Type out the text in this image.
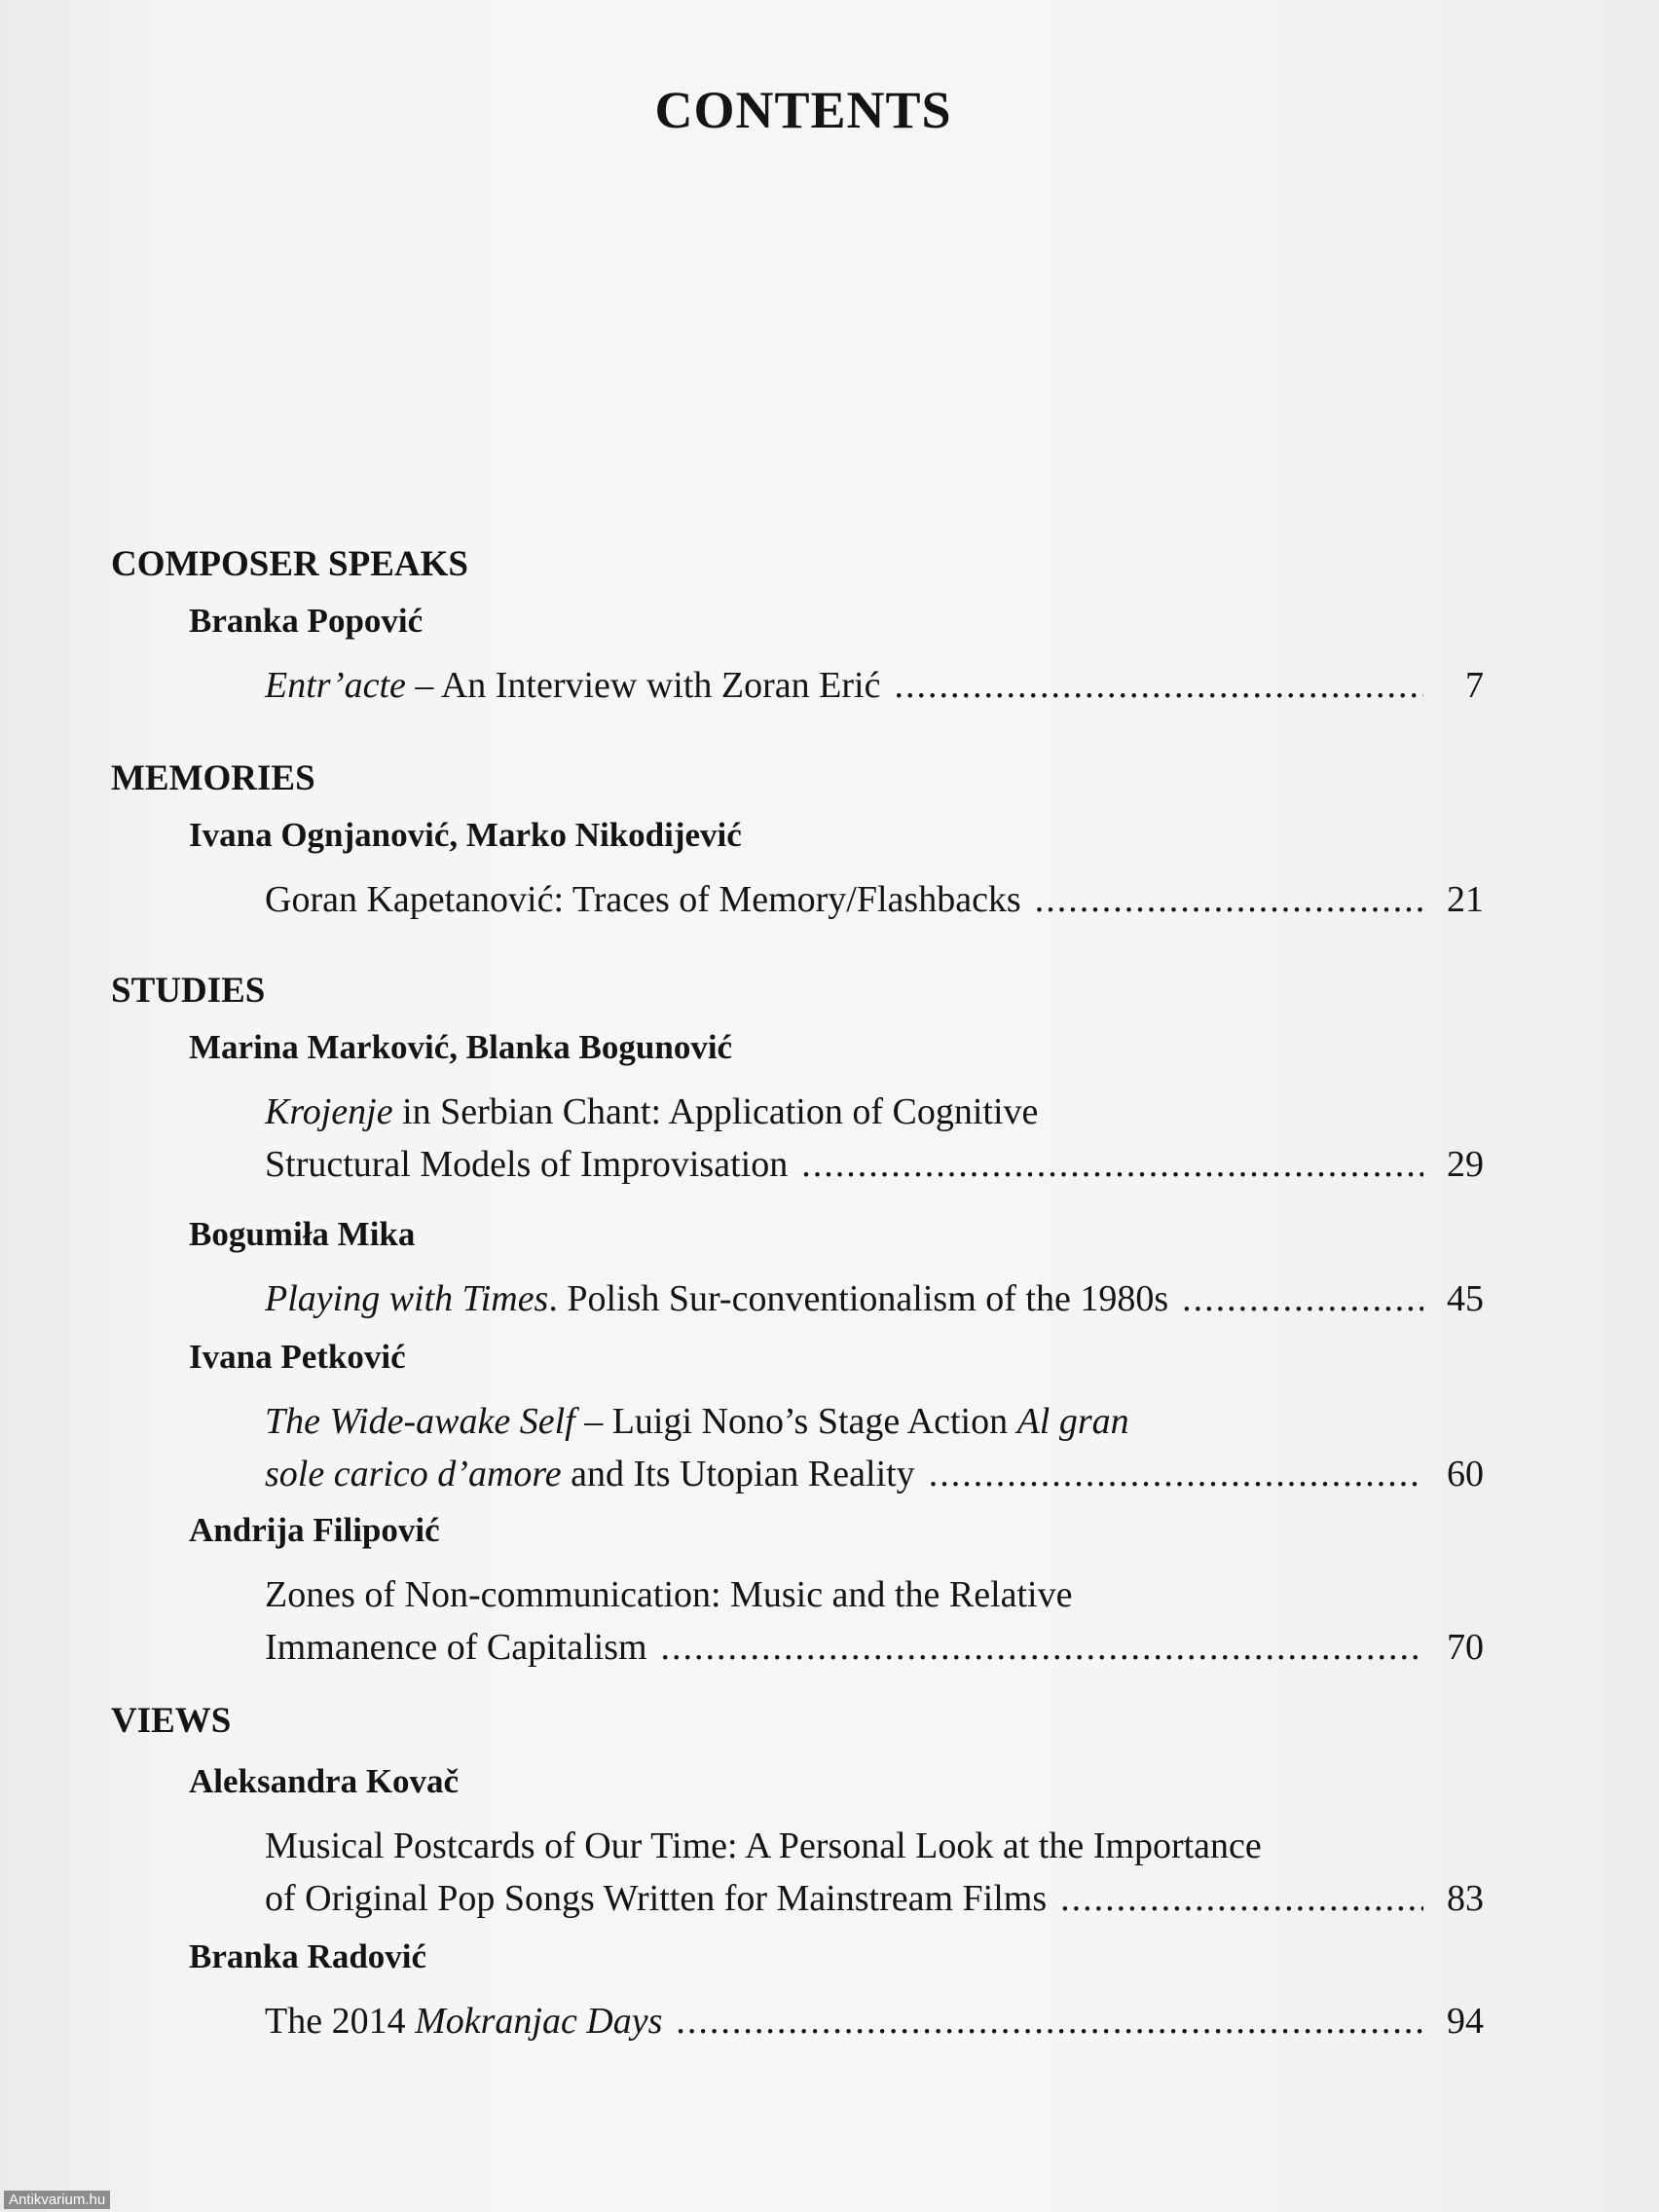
CONTENTS
COMPOSER SPEAKS
Branka Popović
Entr’acte – An Interview with Zoran Erić .....	7
MEMORIES
Ivana Ognjanović, Marko Nikodijević
Goran Kapetanović: Traces of Memory/Flashbacks .....	21
STUDIES
Marina Marković, Blanka Bogunović
Krojenje in Serbian Chant: Application of Cognitive
Structural Models of Improvisation .....	29
Bogumiła Mika
Playing with Times. Polish Sur-conventionalism of the 1980s .....	45
Ivana Petković
The Wide-awake Self – Luigi Nono’s Stage Action Al gran
sole carico d’amore and Its Utopian Reality .....	60
Andrija Filipović
Zones of Non-communication: Music and the Relative
Immanence of Capitalism .....	70
VIEWS
Aleksandra Kovač
Musical Postcards of Our Time: A Personal Look at the Importance
of Original Pop Songs Written for Mainstream Films .....	83
Branka Radović
The 2014 Mokranjac Days .....	94
Antikvarium.hu
